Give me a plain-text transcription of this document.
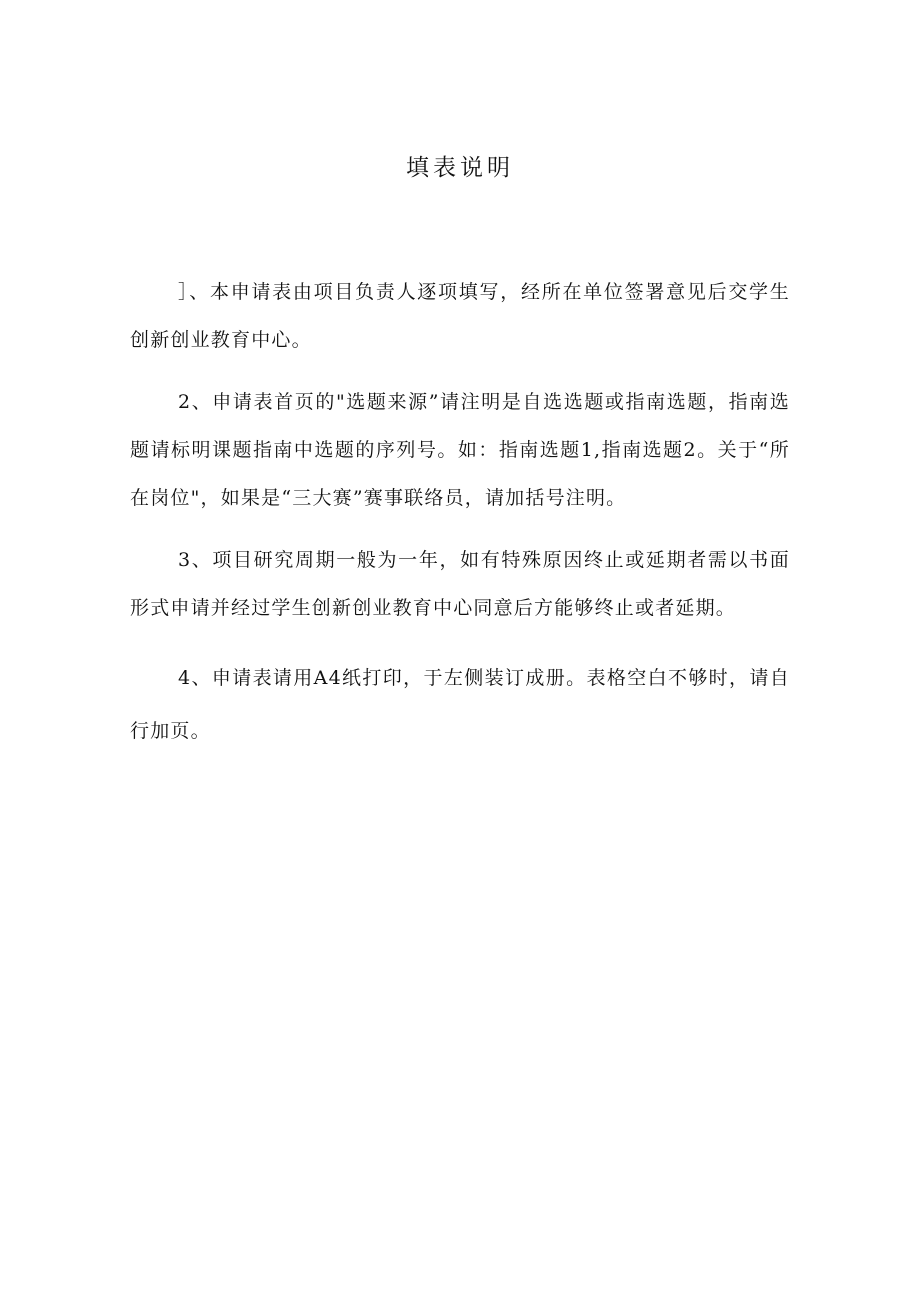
填表说明

］、本申请表由项目负责人逐项填写，经所在单位签署意见后交学生创新创业教育中心。

2、申请表首页的"选题来源”请注明是自选选题或指南选题，指南选题请标明课题指南中选题的序列号。如：指南选题1,指南选题2。关于“所在岗位"，如果是“三大赛”赛事联络员，请加括号注明。

3、项目研究周期一般为一年，如有特殊原因终止或延期者需以书面形式申请并经过学生创新创业教育中心同意后方能够终止或者延期。

4、申请表请用A4纸打印，于左侧装订成册。表格空白不够时，请自行加页。
